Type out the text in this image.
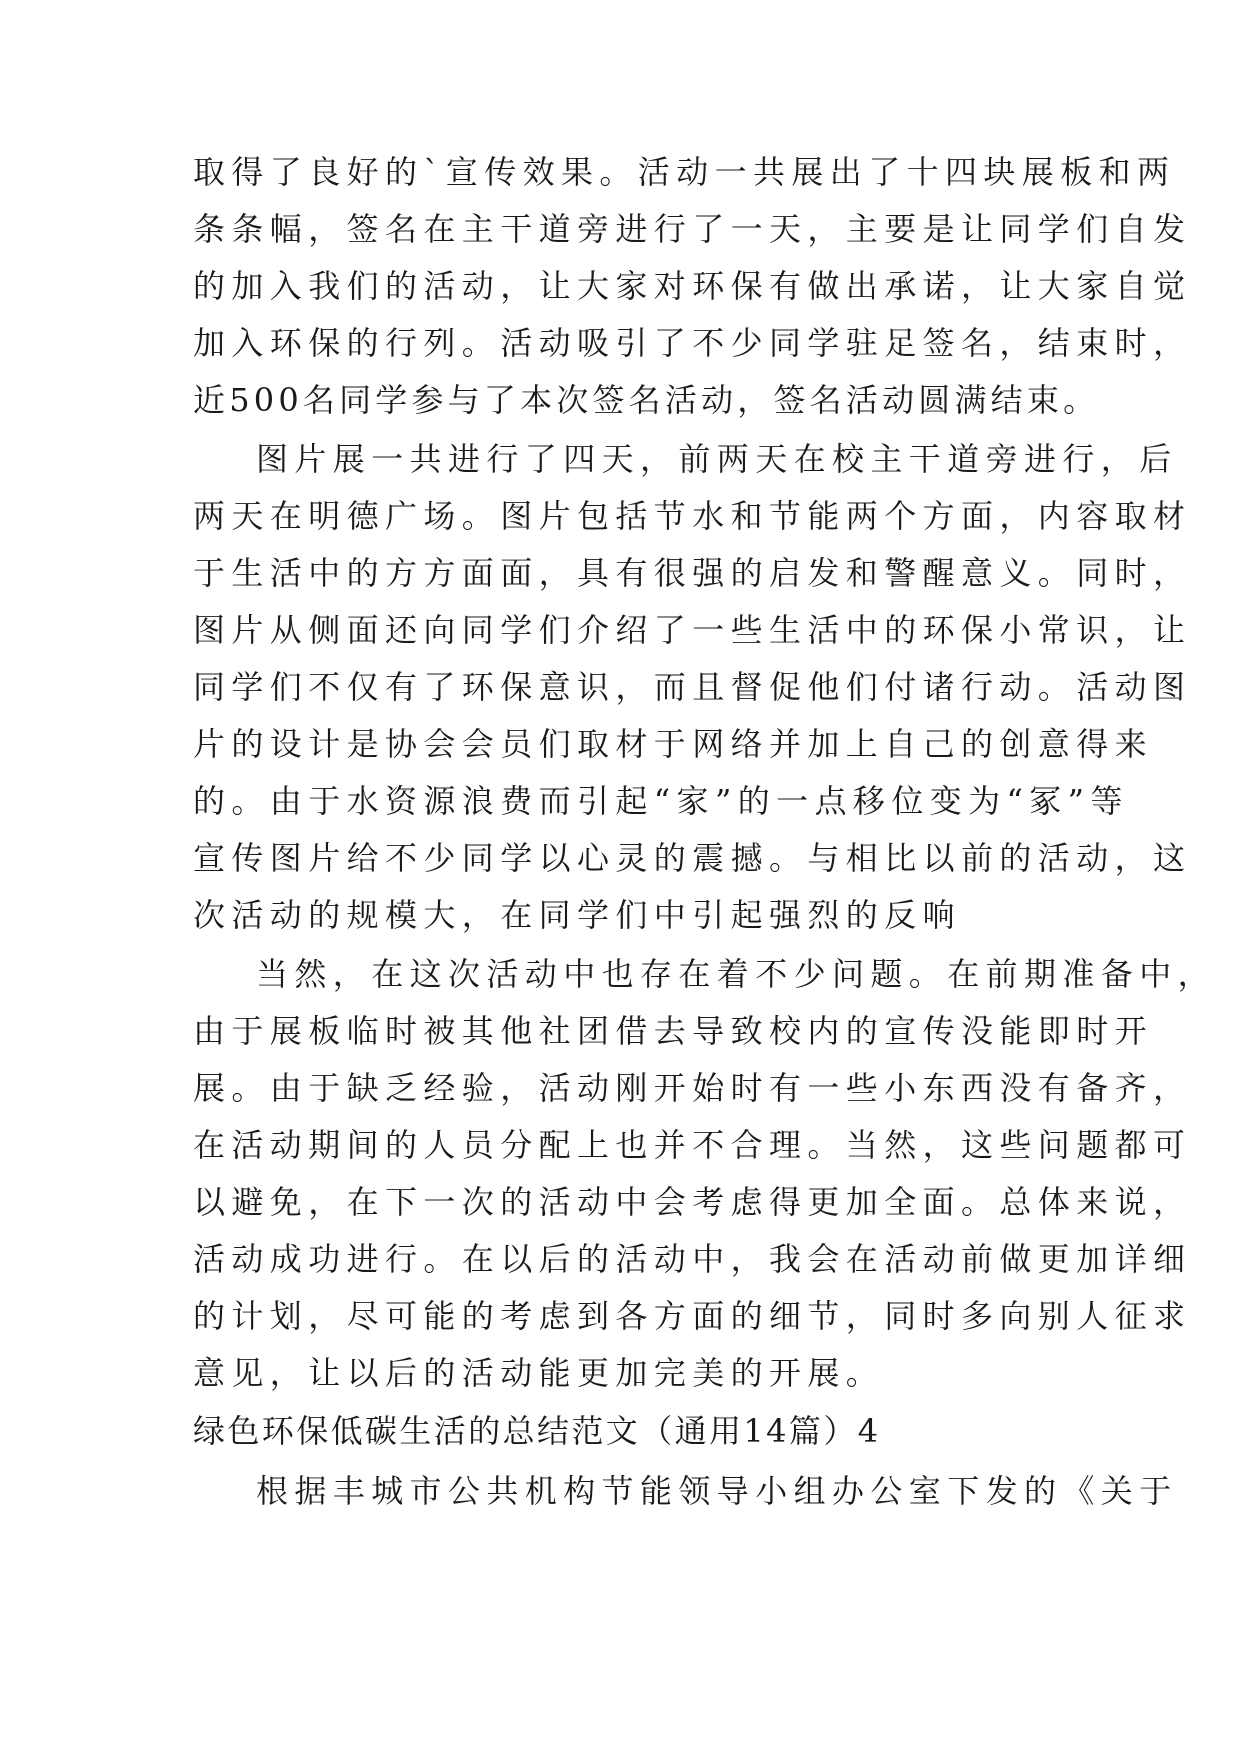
取得了良好的`宣传效果。活动一共展出了十四块展板和两
条条幅，签名在主干道旁进行了一天，主要是让同学们自发
的加入我们的活动，让大家对环保有做出承诺，让大家自觉
加入环保的行列。活动吸引了不少同学驻足签名，结束时，
近500名同学参与了本次签名活动，签名活动圆满结束。
图片展一共进行了四天，前两天在校主干道旁进行，后
两天在明德广场。图片包括节水和节能两个方面，内容取材
于生活中的方方面面，具有很强的启发和警醒意义。同时，
图片从侧面还向同学们介绍了一些生活中的环保小常识，让
同学们不仅有了环保意识，而且督促他们付诸行动。活动图
片的设计是协会会员们取材于网络并加上自己的创意得来
的。由于水资源浪费而引起“家”的一点移位变为“冢”等
宣传图片给不少同学以心灵的震撼。与相比以前的活动，这
次活动的规模大，在同学们中引起强烈的反响
当然，在这次活动中也存在着不少问题。在前期准备中，
由于展板临时被其他社团借去导致校内的宣传没能即时开
展。由于缺乏经验，活动刚开始时有一些小东西没有备齐，
在活动期间的人员分配上也并不合理。当然，这些问题都可
以避免，在下一次的活动中会考虑得更加全面。总体来说，
活动成功进行。在以后的活动中，我会在活动前做更加详细
的计划，尽可能的考虑到各方面的细节，同时多向别人征求
意见，让以后的活动能更加完美的开展。
绿色环保低碳生活的总结范文（通用14篇）4
根据丰城市公共机构节能领导小组办公室下发的《关于
